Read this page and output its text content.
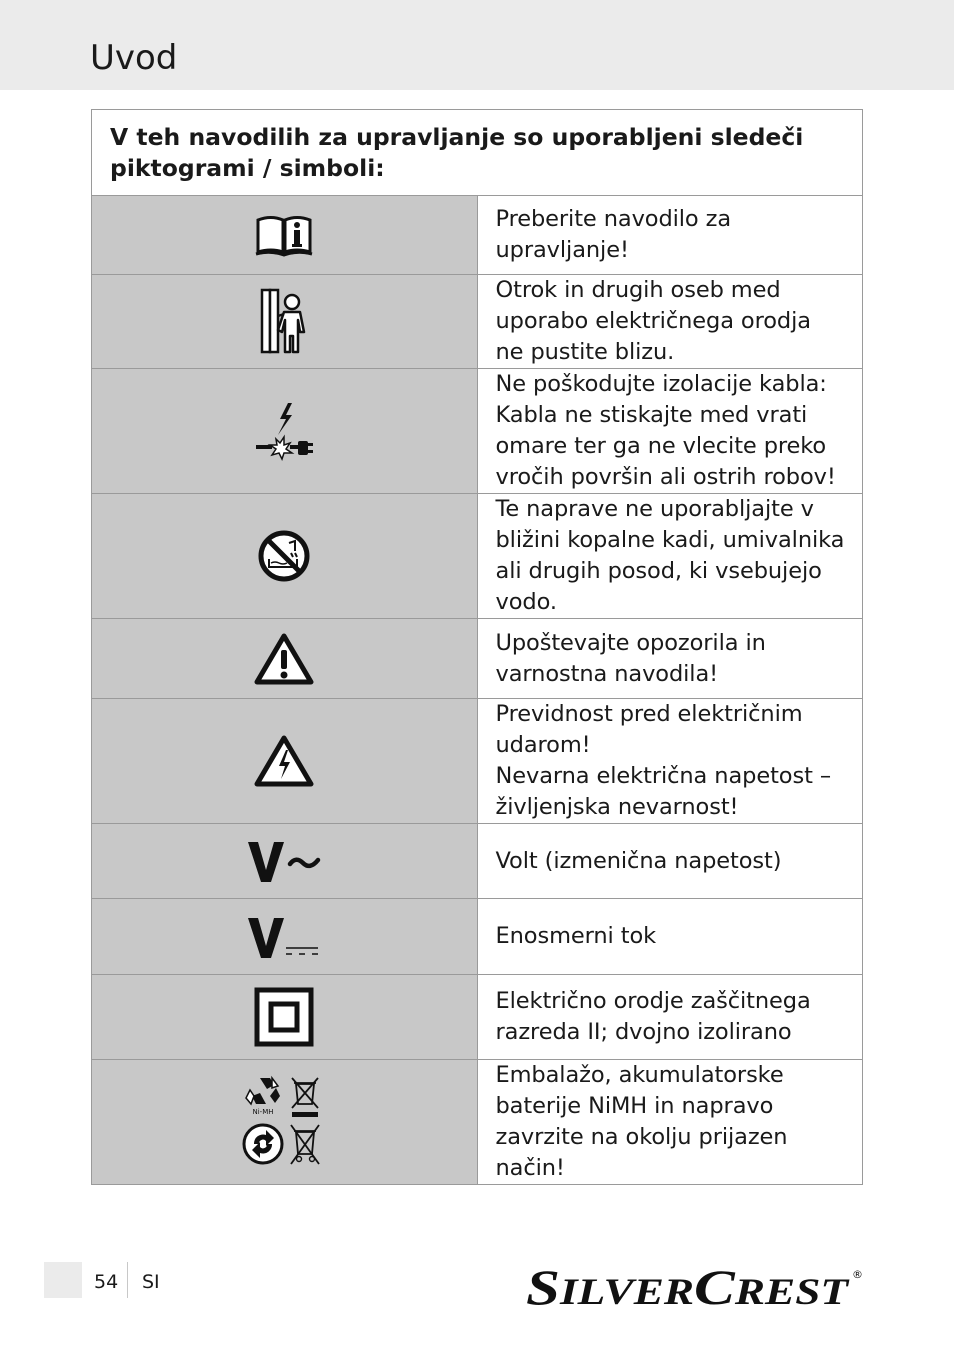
Uvod
V teh navodilih za upravljanje so uporabljeni sledeči
piktogrami / simboli:	

Preberite navodilo za upravljanje!

Otrok in drugih oseb med uporabo električnega orodja
ne pustite blizu.

Ne poškodujte izolacije kabla: Kabla ne stiskajte med vrati
omare ter ga ne vlecite preko vročih površin ali ostrih robov!

Te naprave ne uporabljajte v bližini kopalne kadi, umivalnika
ali drugih posod, ki vsebujejo vodo.

Upoštevajte opozorila in varnostna navodila!

Previdnost pred električnim udarom!
Nevarna električna napetost – življenjska nevarnost!

Volt (izmenična napetost)

Enosmerni tok

Električno orodje zaščitnega razreda II; dvojno izolirano

Ni-MH	Embalažo, akumulatorske baterije NiMH in napravo
zavrzite na okolju prijazen način!
54 SI	S ILVER C REST	®
